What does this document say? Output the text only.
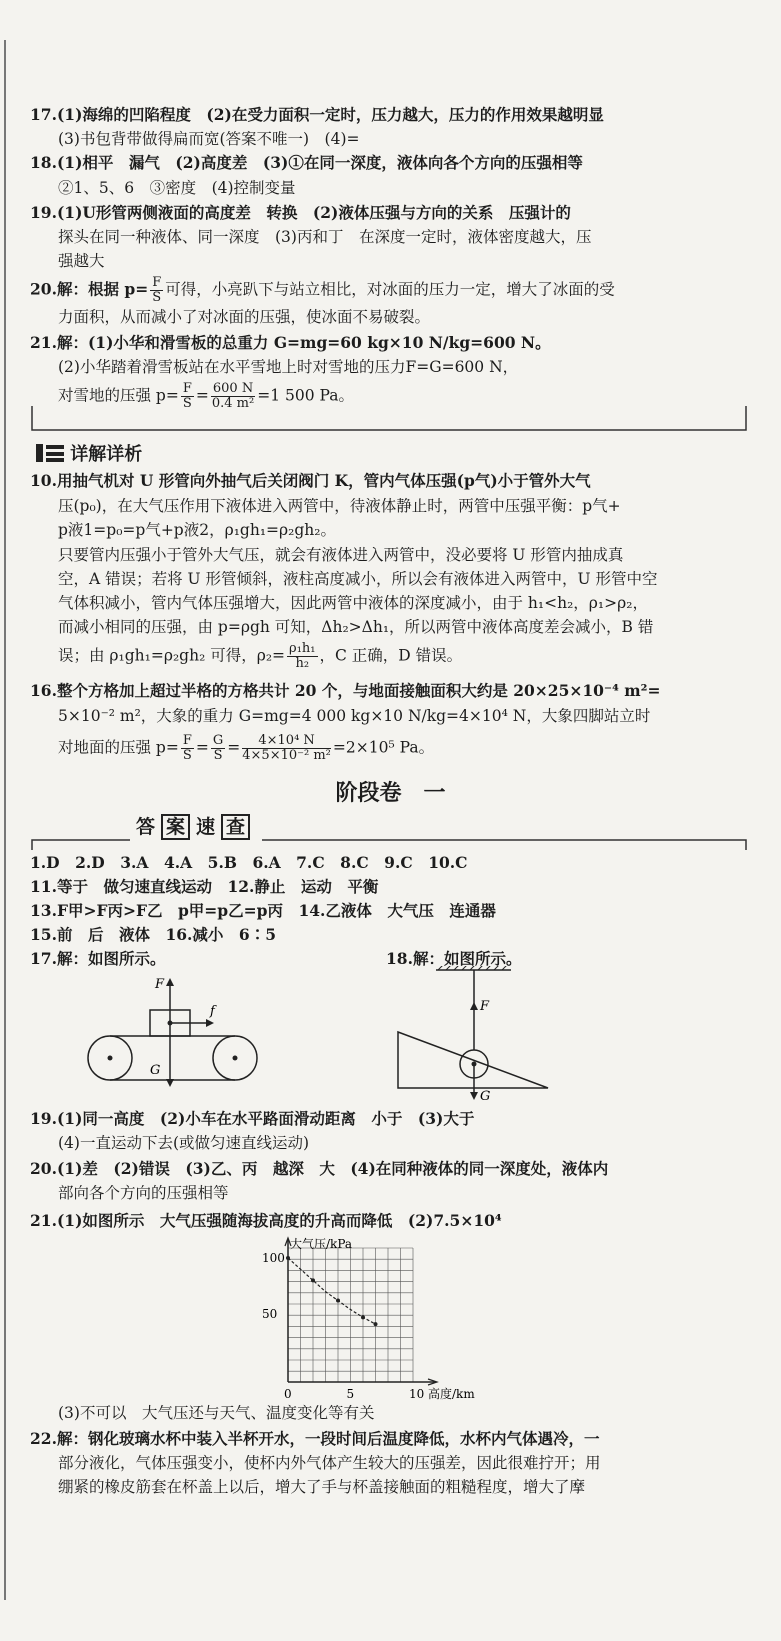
17.(1)海绵的凹陷程度　(2)在受力面积一定时，压力越大，压力的作用效果越明显
(3)书包背带做得扁而宽(答案不唯一)　(4)=
18.(1)相平　漏气　(2)高度差　(3)①在同一深度，液体向各个方向的压强相等
②1、5、6　③密度　(4)控制变量
19.(1)U形管两侧液面的高度差　转换　(2)液体压强与方向的关系　压强计的
探头在同一种液体、同一深度　(3)丙和丁　在深度一定时，液体密度越大，压
强越大
20.解：根据 $p= \frac{F}{S}$ 可得，小亮趴下与站立相比，对冰面的压力一定，增大了冰面的受
力面积，从而减小了对冰面的压强，使冰面不易破裂。
21.解：(1)小华和滑雪板的总重力 G=mg=60 kg×10 N/kg=600 N。
(2)小华踏着滑雪板站在水平雪地上时对雪地的压力F=G=600 N，
对雪地的压强 $p= \frac{F}{S} = \frac{600 N}{\text{0.4 m²}} =1$ 500 Pa。
详解详析
10.用抽气机对 U 形管向外抽气后关闭阀门 K，管内气体压强(p气)小于管外大气
压(p₀)，在大气压作用下液体进入两管中，待液体静止时，两管中压强平衡：p气+
p液1=p₀=p气+p液2，ρ₁gh₁=ρ₂gh₂。
只要管内压强小于管外大气压，就会有液体进入两管中，没必要将 U 形管内抽成真
空，A 错误；若将 U 形管倾斜，液柱高度减小，所以会有液体进入两管中，U 形管中空
气体积减小，管内气体压强增大，因此两管中液体的深度减小，由于 h₁<h₂，ρ₁>ρ₂，
而减小相同的压强，由 p=ρgh 可知，Δh₂>Δh₁，所以两管中液体高度差会减小，B 错
误；由 ρ₁gh₁=ρ₂gh₂ 可得，$\rho_2= \frac{\text{ρ₁h₁}}{\text{h₂}}$ ，C 正确，D 错误。
16.整个方格加上超过半格的方格共计 20 个，与地面接触面积大约是 20×25×10⁻⁴ m²=
5×10⁻² m²，大象的重力 G=mg=4 000 kg×10 N/kg=4×10⁴ N，大象四脚站立时
对地面的压强 $p= \frac{F}{S} = \frac{G}{S} = \frac{\text{4×10⁴ N}}{\text{4×5×10⁻² m²}} =2\times 10^5$ Pa。
阶段卷　一
答 案 速 查
1.D　2.D　3.A　4.A　5.B　6.A　7.C　8.C　9.C　10.C
11.等于　做匀速直线运动　12.静止　运动　平衡
13.F甲>F丙>F乙　p甲=p乙=p丙　14.乙液体　大气压　连通器
15.前　后　液体　16.减小　6∶5
17.解：如图所示。	18.解：如图所示。
F
f
G
F
G
19.(1)同一高度　(2)小车在水平路面滑动距离　小于　(3)大于
(4)一直运动下去(或做匀速直线运动)
20.(1)差　(2)错误　(3)乙、丙　越深　大　(4)在同种液体的同一深度处，液体内
部向各个方向的压强相等
21.(1)如图所示　大气压强随海拔高度的升高而降低　(2)7.5×10⁴
大气压/kPa
高度/km
0	5	10
50
100
(3)不可以　大气压还与天气、温度变化等有关
22.解：钢化玻璃水杯中装入半杯开水，一段时间后温度降低，水杯内气体遇冷，一
部分液化，气体压强变小，使杯内外气体产生较大的压强差，因此很难拧开；用
绷紧的橡皮筋套在杯盖上以后，增大了手与杯盖接触面的粗糙程度，增大了摩
